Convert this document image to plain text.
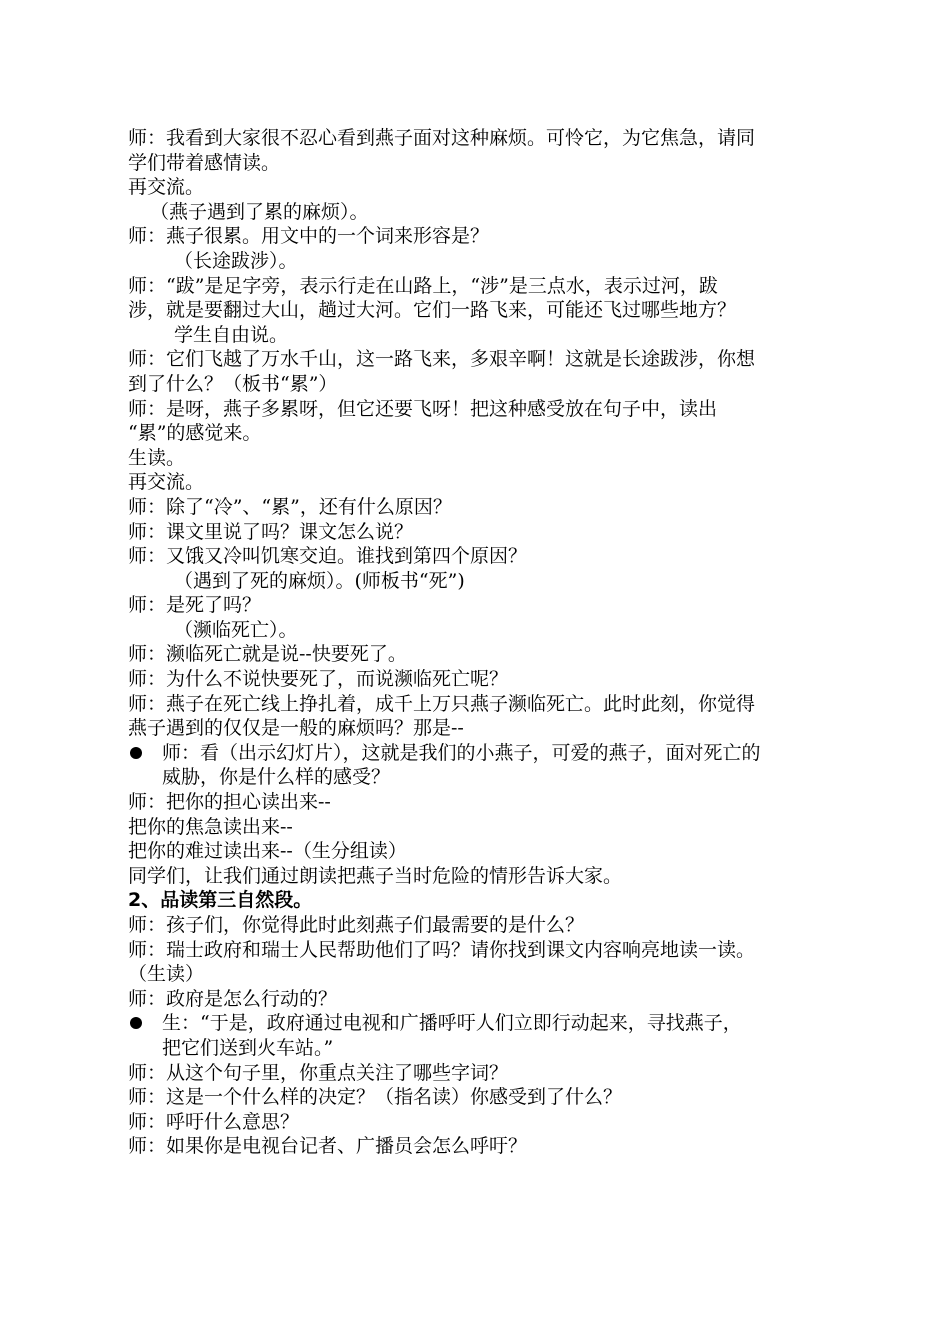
师：我看到大家很不忍心看到燕子面对这种麻烦。可怜它，为它焦急，请同
学们带着感情读。
再交流。
（燕子遇到了累的麻烦）。
师：燕子很累。用文中的一个词来形容是？
（长途跋涉）。
师：“跋”是足字旁，表示行走在山路上，“涉”是三点水，表示过河，跋
涉，就是要翻过大山，趟过大河。它们一路飞来，可能还飞过哪些地方？
学生自由说。
师：它们飞越了万水千山，这一路飞来，多艰辛啊！这就是长途跋涉，你想
到了什么？（板书“累”）
师：是呀，燕子多累呀，但它还要飞呀！把这种感受放在句子中，读出
“累”的感觉来。
生读。
再交流。
师：除了“冷”、“累”，还有什么原因？
师：课文里说了吗？课文怎么说？
师：又饿又冷叫饥寒交迫。谁找到第四个原因？
（遇到了死的麻烦）。(师板书“死”)
师：是死了吗？
（濒临死亡）。
师：濒临死亡就是说--快要死了。
师：为什么不说快要死了，而说濒临死亡呢？
师：燕子在死亡线上挣扎着，成千上万只燕子濒临死亡。此时此刻，你觉得
燕子遇到的仅仅是一般的麻烦吗？那是--
师：看（出示幻灯片），这就是我们的小燕子，可爱的燕子，面对死亡的
威胁，你是什么样的感受？
师：把你的担心读出来--
把你的焦急读出来--
把你的难过读出来--（生分组读）
同学们，让我们通过朗读把燕子当时危险的情形告诉大家。
2、品读第三自然段。
师：孩子们，你觉得此时此刻燕子们最需要的是什么？
师：瑞士政府和瑞士人民帮助他们了吗？请你找到课文内容响亮地读一读。
（生读）
师：政府是怎么行动的？
生：“于是，政府通过电视和广播呼吁人们立即行动起来，寻找燕子，
把它们送到火车站。”
师：从这个句子里，你重点关注了哪些字词？
师：这是一个什么样的决定？（指名读）你感受到了什么？
师：呼吁什么意思？
师：如果你是电视台记者、广播员会怎么呼吁？
